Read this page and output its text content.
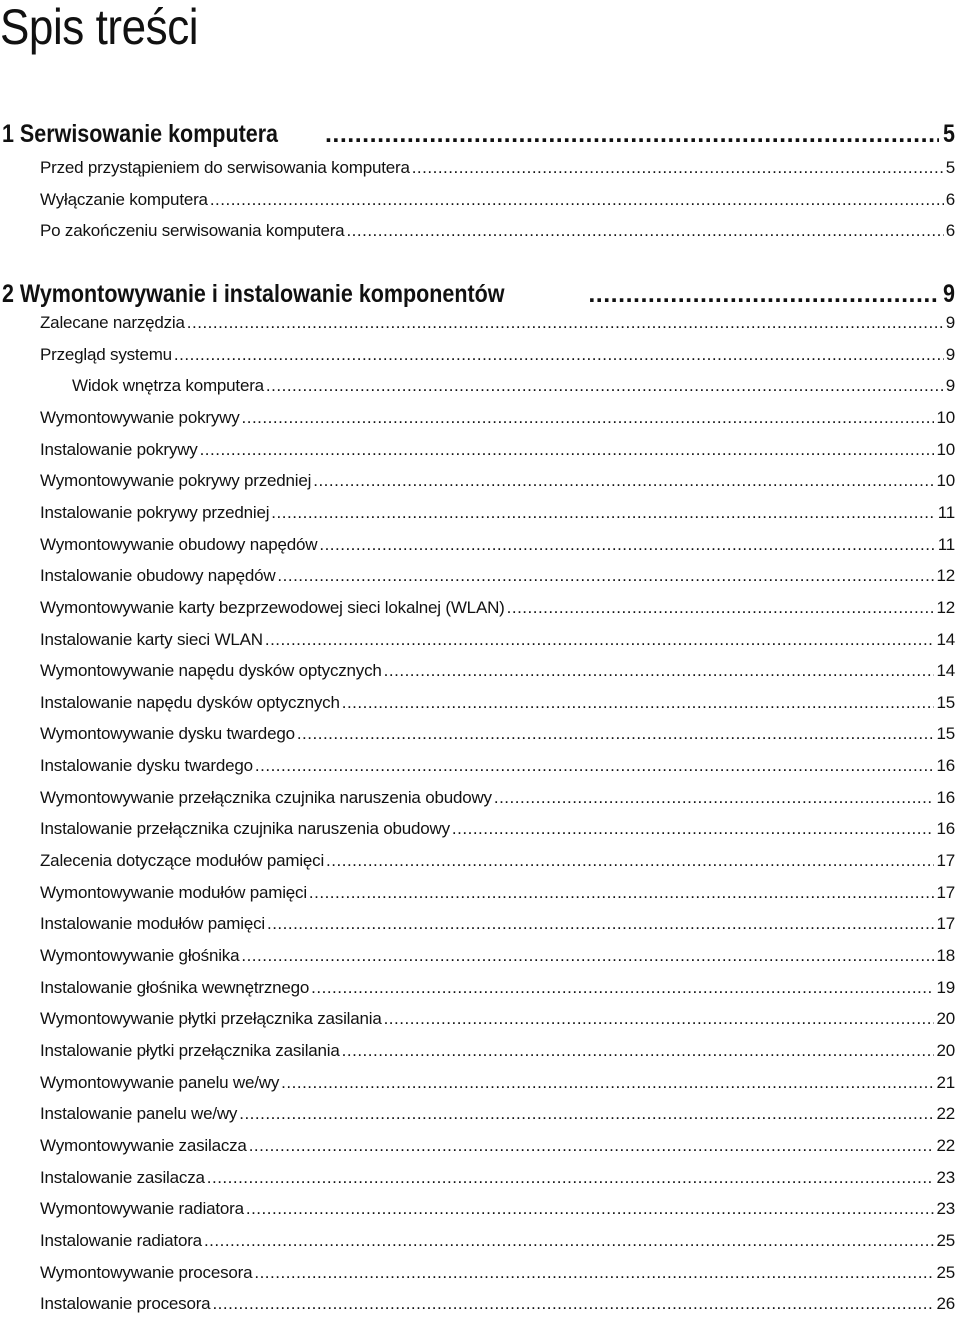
Spis treści
1 Serwisowanie komputera .....	5
Przed przystąpieniem do serwisowania komputera .....	5
Wyłączanie komputera .....	6
Po zakończeniu serwisowania komputera .....	6
2 Wymontowywanie i instalowanie komponentów .....	9
Zalecane narzędzia .....	9
Przegląd systemu .....	9
Widok wnętrza komputera .....	9
Wymontowywanie pokrywy .....	10
Instalowanie pokrywy .....	10
Wymontowywanie pokrywy przedniej .....	10
Instalowanie pokrywy przedniej .....	11
Wymontowywanie obudowy napędów .....	11
Instalowanie obudowy napędów .....	12
Wymontowywanie karty bezprzewodowej sieci lokalnej (WLAN) .....	12
Instalowanie karty sieci WLAN .....	14
Wymontowywanie napędu dysków optycznych .....	14
Instalowanie napędu dysków optycznych .....	15
Wymontowywanie dysku twardego .....	15
Instalowanie dysku twardego .....	16
Wymontowywanie przełącznika czujnika naruszenia obudowy .....	16
Instalowanie przełącznika czujnika naruszenia obudowy .....	16
Zalecenia dotyczące modułów pamięci .....	17
Wymontowywanie modułów pamięci .....	17
Instalowanie modułów pamięci .....	17
Wymontowywanie głośnika .....	18
Instalowanie głośnika wewnętrznego .....	19
Wymontowywanie płytki przełącznika zasilania .....	20
Instalowanie płytki przełącznika zasilania .....	20
Wymontowywanie panelu we/wy .....	21
Instalowanie panelu we/wy .....	22
Wymontowywanie zasilacza .....	22
Instalowanie zasilacza .....	23
Wymontowywanie radiatora .....	23
Instalowanie radiatora .....	25
Wymontowywanie procesora .....	25
Instalowanie procesora .....	26
